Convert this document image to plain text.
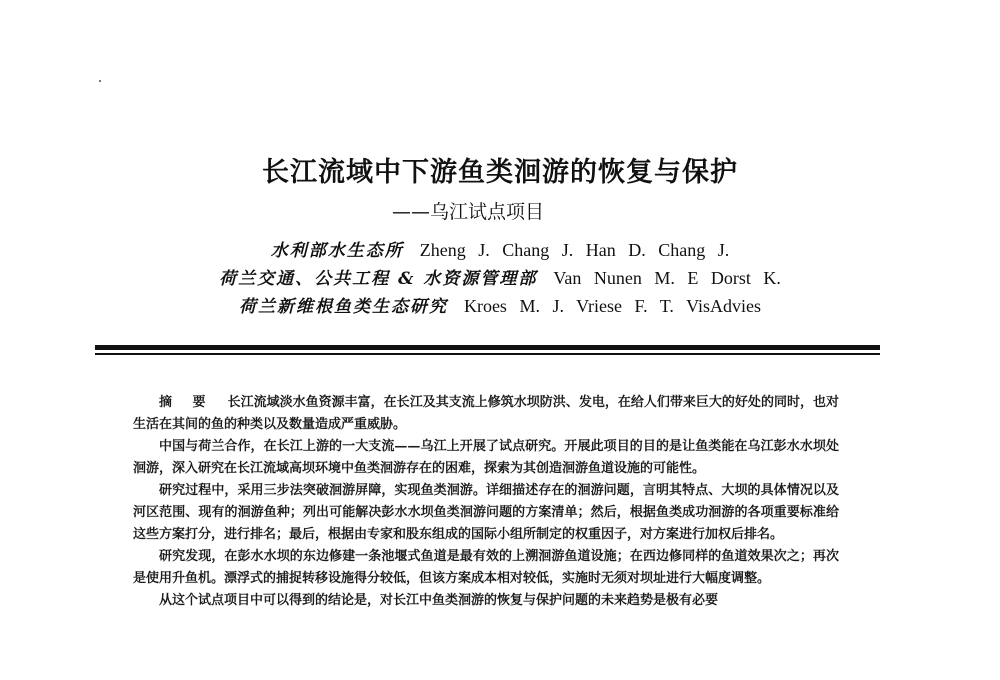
长江流域中下游鱼类洄游的恢复与保护
——乌江试点项目
水利部水生态所 Zheng J. Chang J. Han D. Chang J.
荷兰交通、公共工程 & 水资源管理部 Van Nunen M. E Dorst K.
荷兰新维根鱼类生态研究 Kroes M. J. Vriese F. T. VisAdvies

摘 要 长江流域淡水鱼资源丰富，在长江及其支流上修筑水坝防洪、发电，在给人们带来巨大的好处的同时，也对生活在其间的鱼的种类以及数量造成严重威胁。

中国与荷兰合作，在长江上游的一大支流——乌江上开展了试点研究。开展此项目的目的是让鱼类能在乌江彭水水坝处洄游，深入研究在长江流域高坝环境中鱼类洄游存在的困难，探索为其创造洄游鱼道设施的可能性。

研究过程中，采用三步法突破洄游屏障，实现鱼类洄游。详细描述存在的洄游问题，言明其特点、大坝的具体情况以及河区范围、现有的洄游鱼种；列出可能解决彭水水坝鱼类洄游问题的方案清单；然后，根据鱼类成功洄游的各项重要标准给这些方案打分，进行排名；最后，根据由专家和股东组成的国际小组所制定的权重因子，对方案进行加权后排名。

研究发现，在彭水水坝的东边修建一条池堰式鱼道是最有效的上溯洄游鱼道设施；在西边修同样的鱼道效果次之；再次是使用升鱼机。漂浮式的捕捉转移设施得分较低，但该方案成本相对较低，实施时无须对坝址进行大幅度调整。

从这个试点项目中可以得到的结论是，对长江中鱼类洄游的恢复与保护问题的未来趋势是极有必要
